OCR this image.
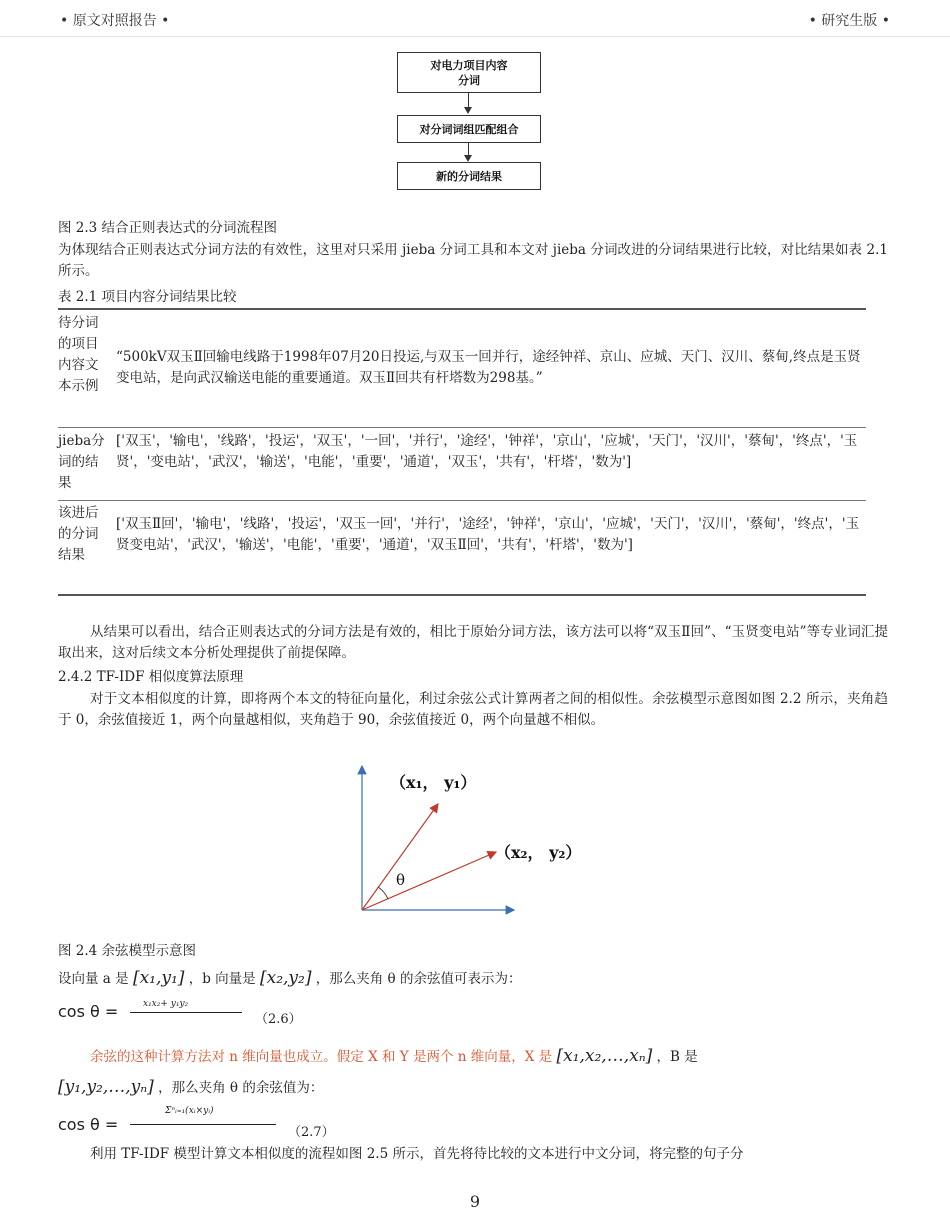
• 原文对照报告 •	• 研究生版 •
对电力项目内容分词
对分词词组匹配组合
新的分词结果
图 2.3 结合正则表达式的分词流程图
为体现结合正则表达式分词方法的有效性，这里对只采用 jieba 分词工具和本文对 jieba 分词改进的分词结果进行比较，对比结果如表 2.1 所示。
表 2.1 项目内容分词结果比较
待分词的项目内容文本示例
“500kV双玉Ⅱ回输电线路于1998年07月20日投运,与双玉一回并行，途经钟祥、京山、应城、天门、汉川、蔡甸,终点是玉贤变电站，是向武汉输送电能的重要通道。双玉Ⅱ回共有杆塔数为298基。”
jieba分词的结果
['双玉'，'输电'，'线路'，'投运'，'双玉'，'一回'，'并行'，'途经'，'钟祥'，'京山'，'应城'，'天门'，'汉川'，'蔡甸'，'终点'，'玉贤'，'变电站'，'武汉'，'输送'，'电能'，'重要'，'通道'，'双玉'，'共有'，'杆塔'，'数为']
该进后的分词结果
['双玉Ⅱ回'，'输电'，'线路'，'投运'，'双玉一回'，'并行'，'途经'，'钟祥'，'京山'，'应城'，'天门'，'汉川'，'蔡甸'，'终点'，'玉贤变电站'，'武汉'，'输送'，'电能'，'重要'，'通道'，'双玉Ⅱ回'，'共有'，'杆塔'，'数为']
从结果可以看出，结合正则表达式的分词方法是有效的，相比于原始分词方法，该方法可以将“双玉Ⅱ回”、“玉贤变电站”等专业词汇提取出来，这对后续文本分析处理提供了前提保障。
2.4.2 TF-IDF 相似度算法原理
对于文本相似度的计算，即将两个本文的特征向量化，利过余弦公式计算两者之间的相似性。余弦模型示意图如图 2.2 所示，夹角趋于 0，余弦值接近 1，两个向量越相似，夹角趋于 90，余弦值接近 0，两个向量越不相似。
θ
（x₁， y₁）
（x₂， y₂）
图 2.4 余弦模型示意图
设向量 a 是 [x₁,y₁] ，b 向量是 [x₂,y₂] ，那么夹角 θ 的余弦值可表示为：
cos θ =	x₁x₂+ y₁y₂
（2.6）
余弦的这种计算方法对 n 维向量也成立。假定 X 和 Y 是两个 n 维向量，X 是 [x₁,x₂,…,xₙ] ，B 是
[y₁,y₂,…,yₙ] ，那么夹角 θ 的余弦值为：
cos θ =
Σⁿᵢ₌₁(xᵢ×yᵢ)
（2.7）
利用 TF-IDF 模型计算文本相似度的流程如图 2.5 所示，首先将待比较的文本进行中文分词，将完整的句子分
9
